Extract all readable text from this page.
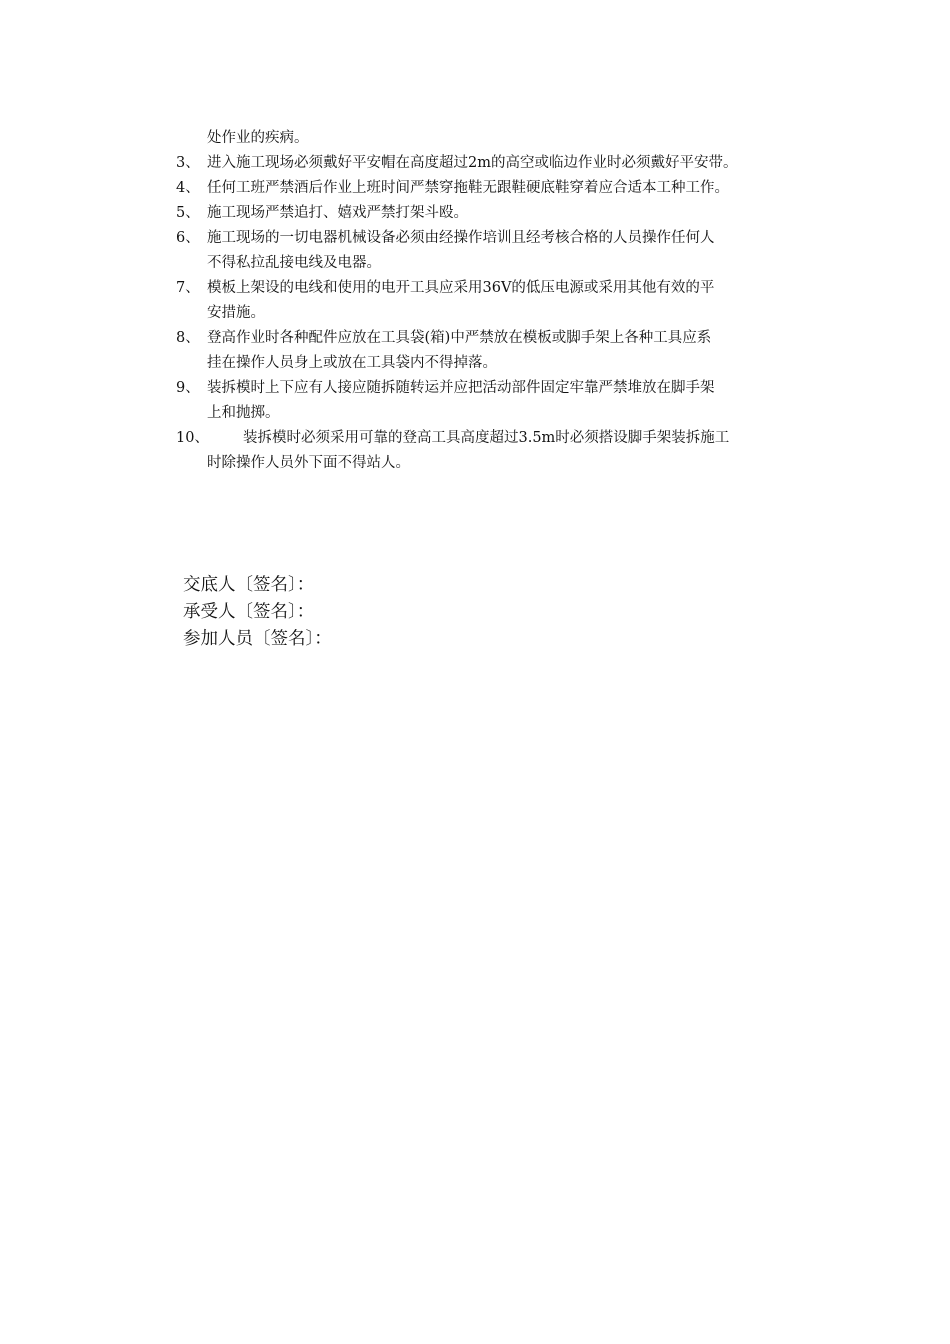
处作业的疾病。
3、 进入施工现场必须戴好平安帽在高度超过2m的高空或临边作业时必须戴好平安带。
4、 任何工班严禁酒后作业上班时间严禁穿拖鞋无跟鞋硬底鞋穿着应合适本工种工作。
5、 施工现场严禁追打、嬉戏严禁打架斗殴。
6、 施工现场的一切电器机械设备必须由经操作培训且经考核合格的人员操作任何人
不得私拉乱接电线及电器。
7、 模板上架设的电线和使用的电开工具应采用36V的低压电源或采用其他有效的平
安措施。
8、 登高作业时各种配件应放在工具袋(箱)中严禁放在模板或脚手架上各种工具应系
挂在操作人员身上或放在工具袋内不得掉落。
9、 装拆模时上下应有人接应随拆随转运并应把活动部件固定牢靠严禁堆放在脚手架
上和抛掷。
10、	装拆模时必须采用可靠的登高工具高度超过3.5m时必须搭设脚手架装拆施工
时除操作人员外下面不得站人。
交底人〔签名〕：
承受人〔签名〕：
参加人员〔签名〕：
